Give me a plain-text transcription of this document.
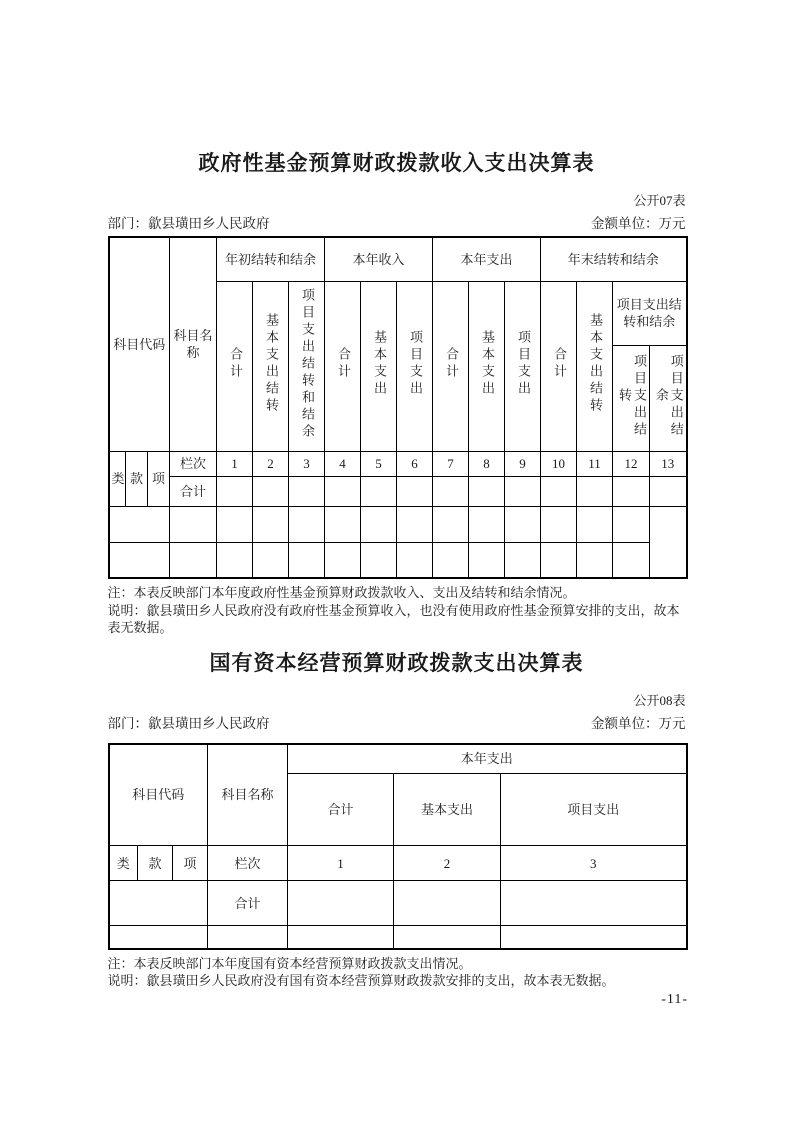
政府性基金预算财政拨款收入支出决算表
公开07表
部门：歙县璜田乡人民政府	金额单位：万元
科目代码			科目名称	年初结转和结余			本年收入			本年支出			年末结转和结余			
				合计	基本支出结转	项目支出结转和结余	合计	基本支出	项目支出	合计	基本支出	项目支出	合计	基本支出结转	项目支出结转和结余	
															项目支出结转	项目支出结余
类	款	项	栏次	1	2	3	4	5	6	7	8	9	10	11	12	13
			合计													

注：本表反映部门本年度政府性基金预算财政拨款收入、支出及结转和结余情况。

说明：歙县璜田乡人民政府没有政府性基金预算收入，也没有使用政府性基金预算安排的支出，故本表无数据。

国有资本经营预算财政拨款支出决算表
公开08表
部门：歙县璜田乡人民政府	金额单位：万元
科目代码			科目名称	本年支出		
				合计	基本支出	项目支出
类	款	项	栏次	1	2	3
			合计			

注：本表反映部门本年度国有资本经营预算财政拨款支出情况。

说明：歙县璜田乡人民政府没有国有资本经营预算财政拨款安排的支出，故本表无数据。

-11-
